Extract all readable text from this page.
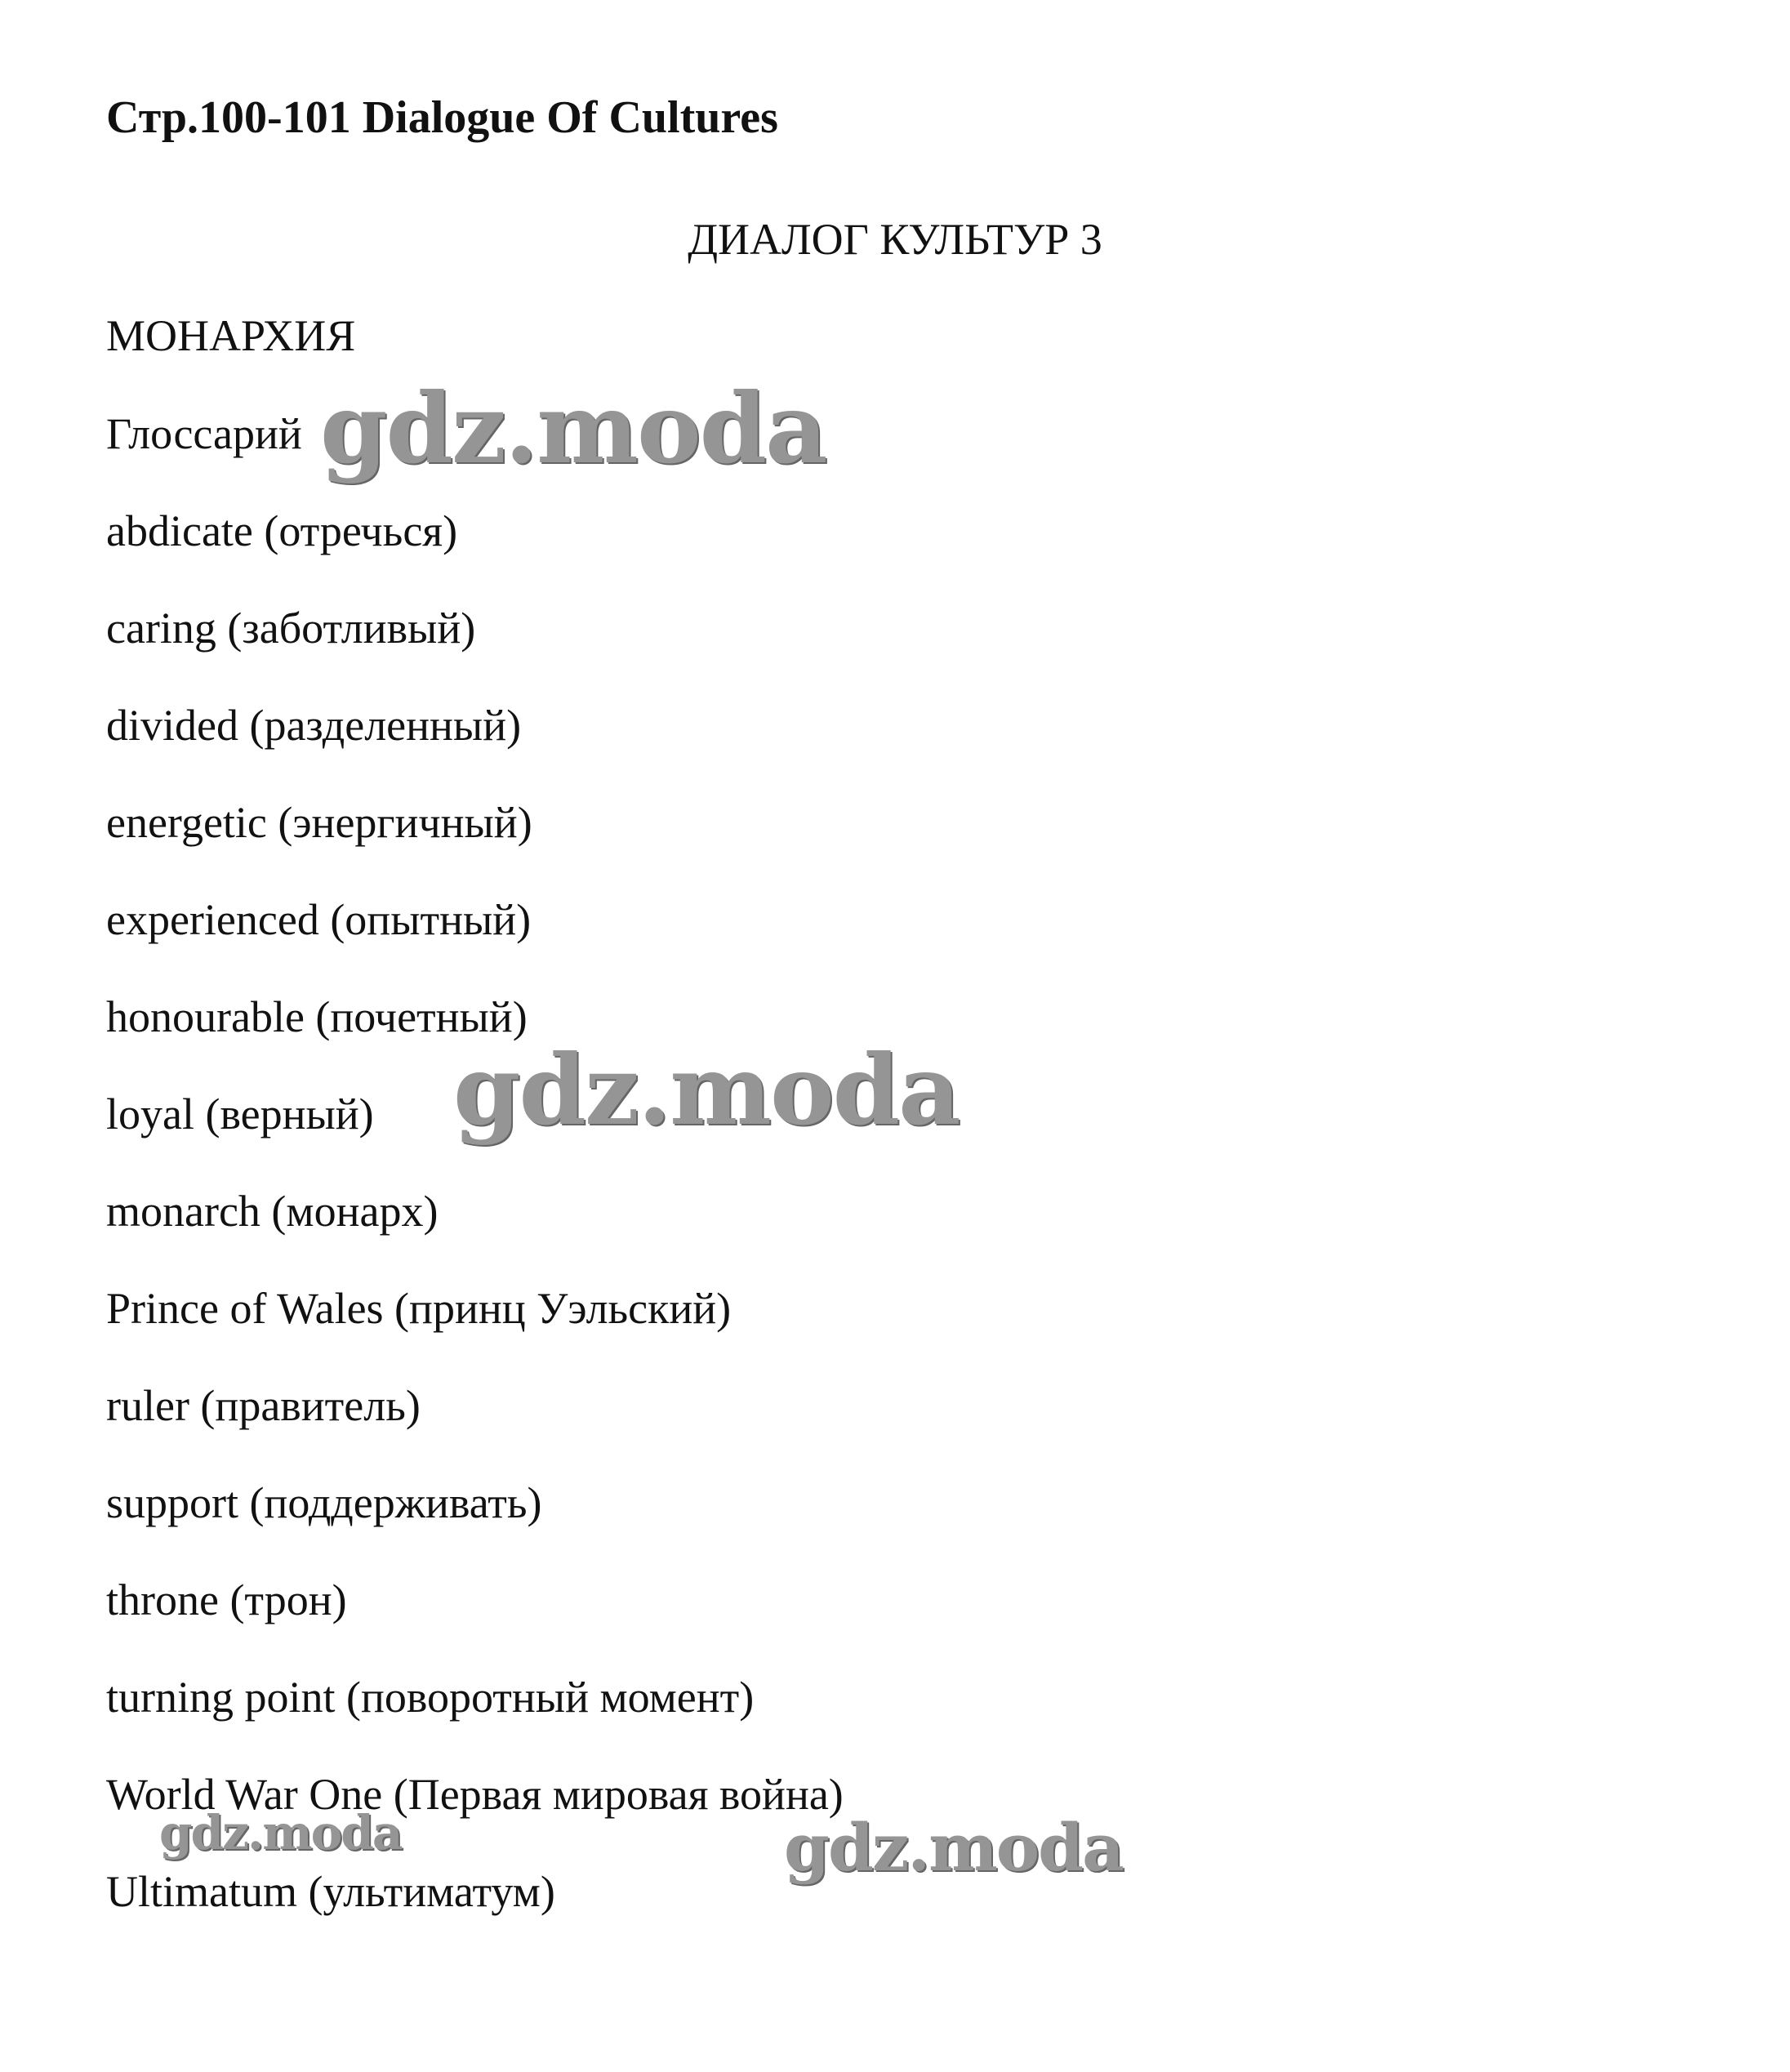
Стр.100-101 Dialogue Of Cultures
ДИАЛОГ КУЛЬТУР 3
МОНАРХИЯ
Глоссарий
abdicate (отречься)
caring (заботливый)
divided (разделенный)
energetic (энергичный)
experienced (опытный)
honourable (почетный)
loyal (верный)
monarch (монарх)
Prince of Wales (принц Уэльский)
ruler (правитель)
support (поддерживать)
throne (трон)
turning point (поворотный момент)
World War One (Первая мировая война)
Ultimatum (ультиматум)
gdz.moda
gdz.moda
gdz.moda	gdz.moda
